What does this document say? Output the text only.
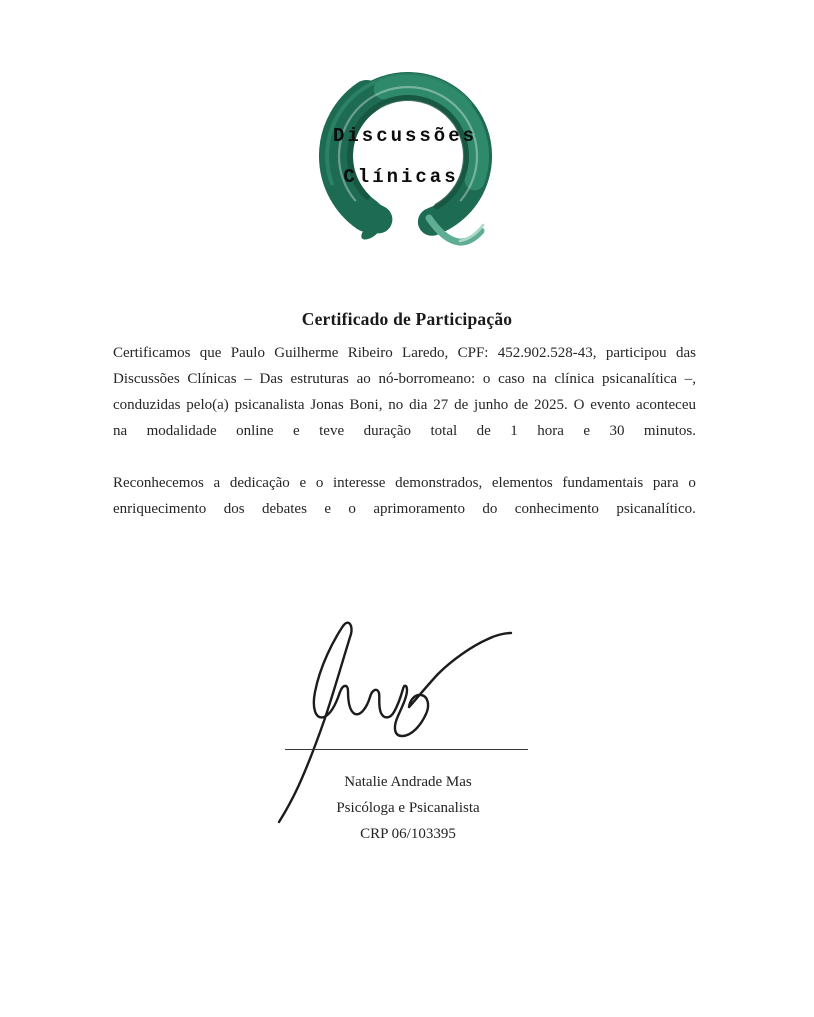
Discussões
Clínicas
Certificado de Participação
Certificamos que Paulo Guilherme Ribeiro Laredo, CPF: 452.902.528-43, participou das
Discussões Clínicas – Das estruturas ao nó-borromeano: o caso na clínica psicanalítica –,
conduzidas pelo(a) psicanalista Jonas Boni, no dia 27 de junho de 2025. O evento aconteceu
na modalidade online e teve duração total de 1 hora e 30 minutos.
Reconhecemos a dedicação e o interesse demonstrados, elementos fundamentais para o
enriquecimento dos debates e o aprimoramento do conhecimento psicanalítico.
Natalie Andrade Mas
Psicóloga e Psicanalista
CRP 06/103395
